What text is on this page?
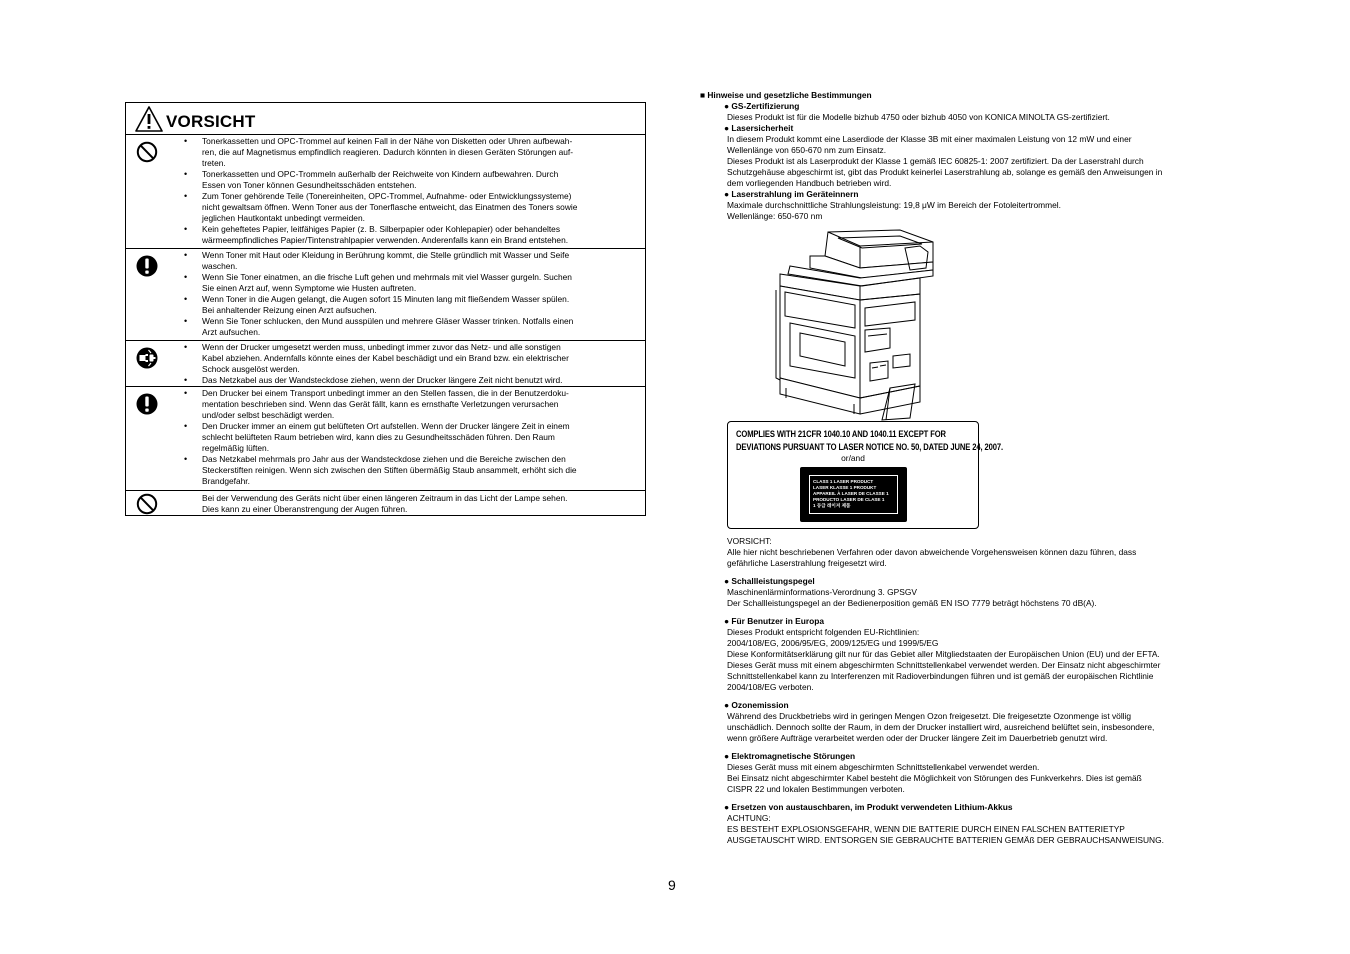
VORSICHT
• Tonerkassetten und OPC-Trommel auf keinen Fall in der Nähe von Disketten oder Uhren aufbewah-
ren, die auf Magnetismus empfindlich reagieren. Dadurch könnten in diesen Geräten Störungen auf-
treten.
• Tonerkassetten und OPC-Trommeln außerhalb der Reichweite von Kindern aufbewahren. Durch
Essen von Toner können Gesundheitsschäden entstehen.
• Zum Toner gehörende Teile (Tonereinheiten, OPC-Trommel, Aufnahme- oder Entwicklungssysteme)
nicht gewaltsam öffnen. Wenn Toner aus der Tonerflasche entweicht, das Einatmen des Toners sowie
jeglichen Hautkontakt unbedingt vermeiden.
• Kein geheftetes Papier, leitfähiges Papier (z. B. Silberpapier oder Kohlepapier) oder behandeltes
wärmeempfindliches Papier/Tintenstrahlpapier verwenden. Anderenfalls kann ein Brand entstehen.
• Wenn Toner mit Haut oder Kleidung in Berührung kommt, die Stelle gründlich mit Wasser und Seife
waschen.
• Wenn Sie Toner einatmen, an die frische Luft gehen und mehrmals mit viel Wasser gurgeln. Suchen
Sie einen Arzt auf, wenn Symptome wie Husten auftreten.
• Wenn Toner in die Augen gelangt, die Augen sofort 15 Minuten lang mit fließendem Wasser spülen.
Bei anhaltender Reizung einen Arzt aufsuchen.
• Wenn Sie Toner schlucken, den Mund ausspülen und mehrere Gläser Wasser trinken. Notfalls einen
Arzt aufsuchen.
• Wenn der Drucker umgesetzt werden muss, unbedingt immer zuvor das Netz- und alle sonstigen
Kabel abziehen. Andernfalls könnte eines der Kabel beschädigt und ein Brand bzw. ein elektrischer
Schock ausgelöst werden.
• Das Netzkabel aus der Wandsteckdose ziehen, wenn der Drucker längere Zeit nicht benutzt wird.
• Den Drucker bei einem Transport unbedingt immer an den Stellen fassen, die in der Benutzerdoku-
mentation beschrieben sind. Wenn das Gerät fällt, kann es ernsthafte Verletzungen verursachen
und/oder selbst beschädigt werden.
• Den Drucker immer an einem gut belüfteten Ort aufstellen. Wenn der Drucker längere Zeit in einem
schlecht belüfteten Raum betrieben wird, kann dies zu Gesundheitsschäden führen. Den Raum
regelmäßig lüften.
• Das Netzkabel mehrmals pro Jahr aus der Wandsteckdose ziehen und die Bereiche zwischen den
Steckerstiften reinigen. Wenn sich zwischen den Stiften übermäßig Staub ansammelt, erhöht sich die
Brandgefahr.
Bei der Verwendung des Geräts nicht über einen längeren Zeitraum in das Licht der Lampe sehen.
Dies kann zu einer Überanstrengung der Augen führen.
■ Hinweise und gesetzliche Bestimmungen
● GS-Zertifizierung
Dieses Produkt ist für die Modelle bizhub 4750 oder bizhub 4050 von KONICA MINOLTA GS-zertifiziert.
● Lasersicherheit
In diesem Produkt kommt eine Laserdiode der Klasse 3B mit einer maximalen Leistung von 12 mW und einer
Wellenlänge von 650-670 nm zum Einsatz.
Dieses Produkt ist als Laserprodukt der Klasse 1 gemäß IEC 60825-1: 2007 zertifiziert. Da der Laserstrahl durch
Schutzgehäuse abgeschirmt ist, gibt das Produkt keinerlei Laserstrahlung ab, solange es gemäß den Anweisungen in
dem vorliegenden Handbuch betrieben wird.
● Laserstrahlung im Geräteinnern
Maximale durchschnittliche Strahlungsleistung: 19,8 μW im Bereich der Fotoleitertrommel.
Wellenlänge: 650-670 nm
VORSICHT:
Alle hier nicht beschriebenen Verfahren oder davon abweichende Vorgehensweisen können dazu führen, dass
gefährliche Laserstrahlung freigesetzt wird.
● Schallleistungspegel
Maschinenlärminformations-Verordnung 3. GPSGV
Der Schallleistungspegel an der Bedienerposition gemäß EN ISO 7779 beträgt höchstens 70 dB(A).
● Für Benutzer in Europa
Dieses Produkt entspricht folgenden EU-Richtlinien:
2004/108/EG, 2006/95/EG, 2009/125/EG und 1999/5/EG
Diese Konformitätserklärung gilt nur für das Gebiet aller Mitgliedstaaten der Europäischen Union (EU) und der EFTA.
Dieses Gerät muss mit einem abgeschirmten Schnittstellenkabel verwendet werden. Der Einsatz nicht abgeschirmter
Schnittstellenkabel kann zu Interferenzen mit Radioverbindungen führen und ist gemäß der europäischen Richtlinie
2004/108/EG verboten.
● Ozonemission
Während des Druckbetriebs wird in geringen Mengen Ozon freigesetzt. Die freigesetzte Ozonmenge ist völlig
unschädlich. Dennoch sollte der Raum, in dem der Drucker installiert wird, ausreichend belüftet sein, insbesondere,
wenn größere Aufträge verarbeitet werden oder der Drucker längere Zeit im Dauerbetrieb genutzt wird.
● Elektromagnetische Störungen
Dieses Gerät muss mit einem abgeschirmten Schnittstellenkabel verwendet werden.
Bei Einsatz nicht abgeschirmter Kabel besteht die Möglichkeit von Störungen des Funkverkehrs. Dies ist gemäß
CISPR 22 und lokalen Bestimmungen verboten.
● Ersetzen von austauschbaren, im Produkt verwendeten Lithium-Akkus
ACHTUNG:
ES BESTEHT EXPLOSIONSGEFAHR, WENN DIE BATTERIE DURCH EINEN FALSCHEN BATTERIETYP
AUSGETAUSCHT WIRD. ENTSORGEN SIE GEBRAUCHTE BATTERIEN GEMÄß DER GEBRAUCHSANWEISUNG.
COMPLIES WITH 21CFR 1040.10 AND 1040.11 EXCEPT FOR
DEVIATIONS PURSUANT TO LASER NOTICE NO. 50, DATED JUNE 24, 2007.
or/and
CLASS 1 LASER PRODUCT
LASER KLASSE 1 PRODUKT
APPAREIL À LASER DE CLASSE 1
PRODUCTO LASER DE CLASE 1
1 등급 레이저 제품
9
